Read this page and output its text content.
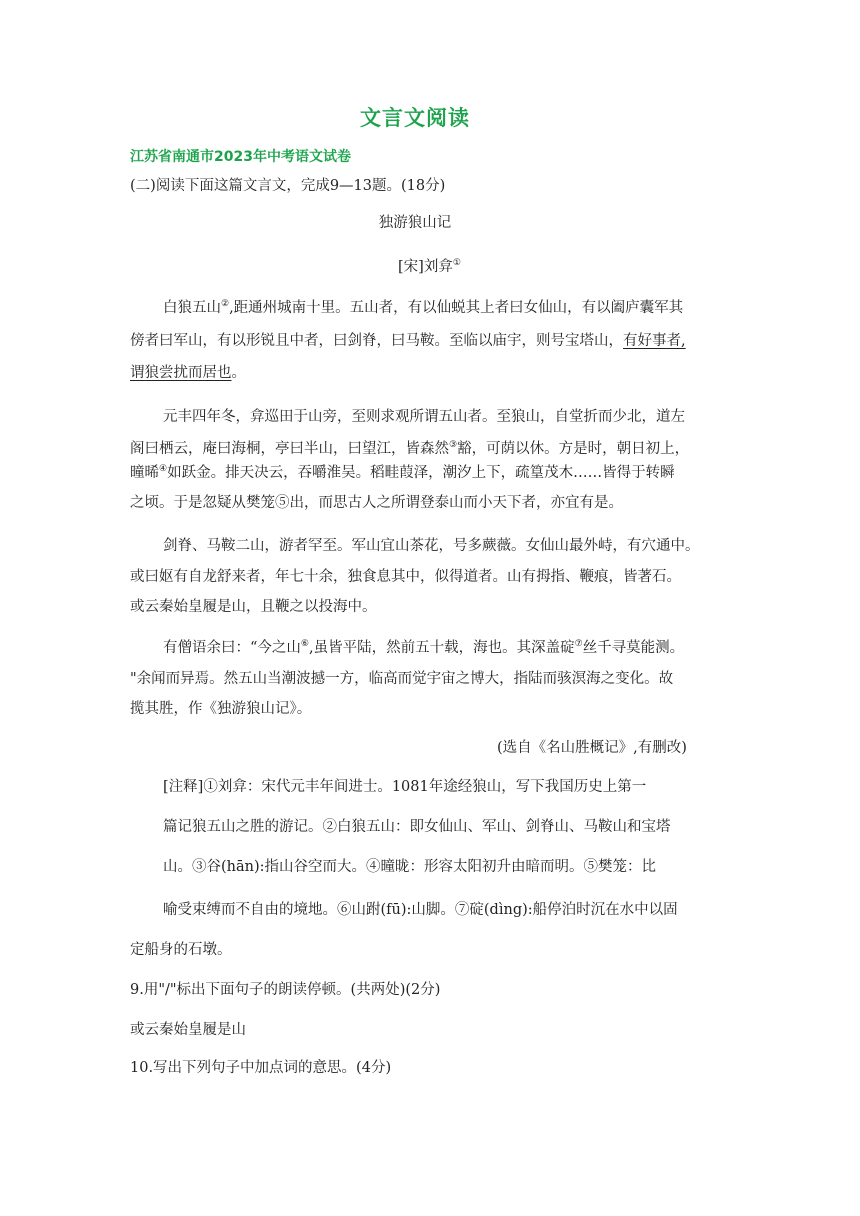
文言文阅读
江苏省南通市2023年中考语文试卷
(二)阅读下面这篇文言文，完成9—13题。(18分)
独游狼山记
[宋]刘弇①
白狼五山②,距通州城南十里。五山者，有以仙蜕其上者曰女仙山，有以阖庐囊军其
傍者曰军山，有以形锐且中者，曰剑脊，曰马鞍。至临以庙宇，则号宝塔山，有好事者,
谓狼尝扰而居也。
元丰四年冬，弇巡田于山旁，至则求观所谓五山者。至狼山，自堂折而少北，道左
阁曰栖云，庵曰海桐，亭曰半山，曰望江，皆森然③豁，可荫以休。方是时，朝日初上，
曈晞④如跃金。排天决云，吞嚼淮吴。稻畦葭泽，潮汐上下，疏篁茂木……皆得于转瞬
之顷。于是忽疑从樊笼⑤出，而思古人之所谓登泰山而小天下者，亦宜有是。
剑脊、马鞍二山，游者罕至。军山宜山茶花，号多蕨薇。女仙山最外峙，有穴通中。
或曰妪有自龙舒来者，年七十余，独食息其中，似得道者。山有拇指、鞭痕，皆著石。
或云秦始皇履是山，且鞭之以投海中。
有僧语余曰：“今之山⑥,虽皆平陆，然前五十载，海也。其深盖碇⑦丝千寻莫能测。
"余闻而异焉。然五山当潮波撼一方，临高而觉宇宙之博大，指陆而骇溟海之变化。故
揽其胜，作《独游狼山记》。
(选自《名山胜概记》,有删改)
[注释]①刘弇：宋代元丰年间进士。1081年途经狼山，写下我国历史上第一
篇记狼五山之胜的游记。②白狼五山：即女仙山、军山、剑脊山、马鞍山和宝塔
山。③谷(hān):指山谷空而大。④曈昽：形容太阳初升由暗而明。⑤樊笼：比
喻受束缚而不自由的境地。⑥山跗(fū):山脚。⑦碇(dìng):船停泊时沉在水中以固
定船身的石墩。
9.用"/"标出下面句子的朗读停顿。(共两处)(2分)
或云秦始皇履是山
10.写出下列句子中加点词的意思。(4分)
